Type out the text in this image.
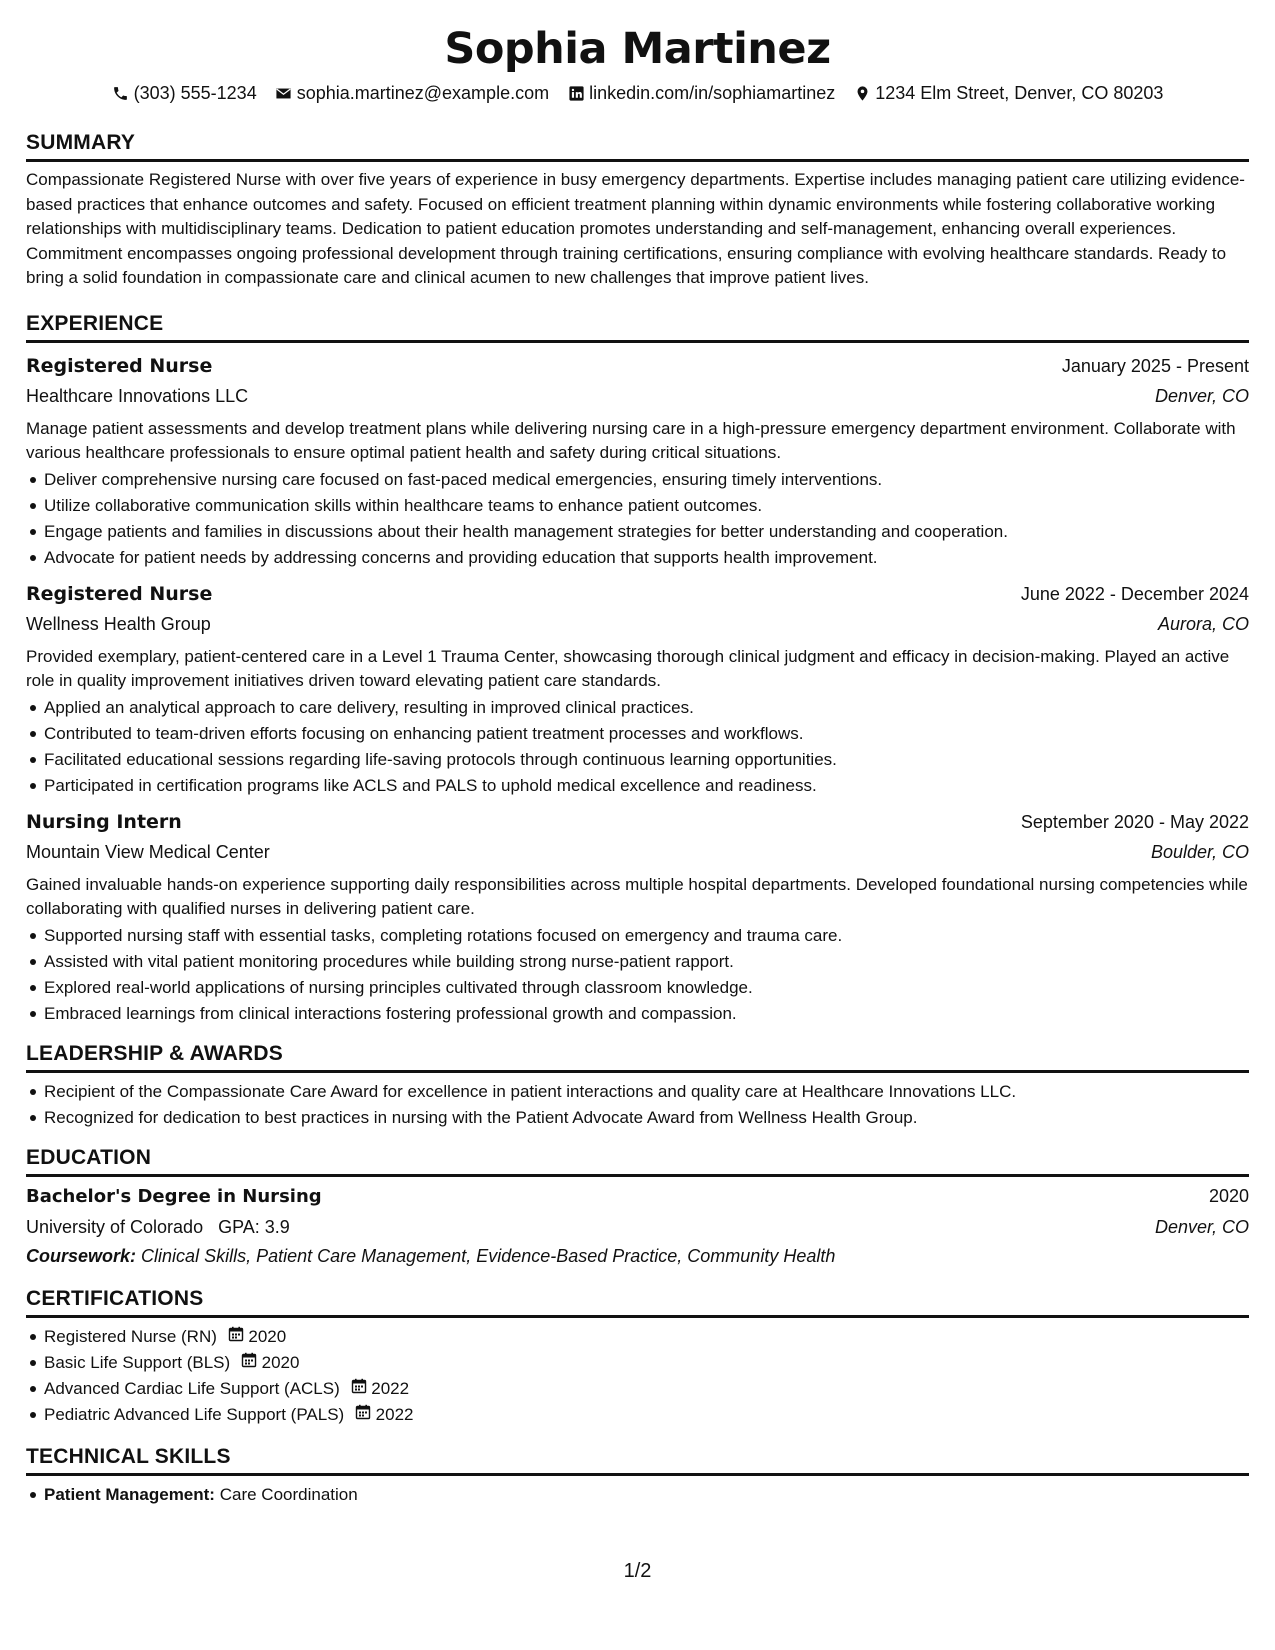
Sophia Martinez
(303) 555-1234 sophia.martinez@example.com linkedin.com/in/sophiamartinez 1234 Elm Street, Denver, CO 80203
SUMMARY

Compassionate Registered Nurse with over five years of experience in busy emergency departments. Expertise includes managing patient care utilizing evidence-based practices that enhance outcomes and safety. Focused on efficient treatment planning within dynamic environments while fostering collaborative working relationships with multidisciplinary teams. Dedication to patient education promotes understanding and self-management, enhancing overall experiences. Commitment encompasses ongoing professional development through training certifications, ensuring compliance with evolving healthcare standards. Ready to bring a solid foundation in compassionate care and clinical acumen to new challenges that improve patient lives.

EXPERIENCE
Registered Nurse	January 2025 - Present
Healthcare Innovations LLC	Denver, CO

Manage patient assessments and develop treatment plans while delivering nursing care in a high-pressure emergency department environment. Collaborate with various healthcare professionals to ensure optimal patient health and safety during critical situations.

Deliver comprehensive nursing care focused on fast-paced medical emergencies, ensuring timely interventions.
Utilize collaborative communication skills within healthcare teams to enhance patient outcomes.
Engage patients and families in discussions about their health management strategies for better understanding and cooperation.
Advocate for patient needs by addressing concerns and providing education that supports health improvement.
Registered Nurse	June 2022 - December 2024
Wellness Health Group	Aurora, CO

Provided exemplary, patient-centered care in a Level 1 Trauma Center, showcasing thorough clinical judgment and efficacy in decision-making. Played an active role in quality improvement initiatives driven toward elevating patient care standards.

Applied an analytical approach to care delivery, resulting in improved clinical practices.
Contributed to team-driven efforts focusing on enhancing patient treatment processes and workflows.
Facilitated educational sessions regarding life-saving protocols through continuous learning opportunities.
Participated in certification programs like ACLS and PALS to uphold medical excellence and readiness.
Nursing Intern	September 2020 - May 2022
Mountain View Medical Center	Boulder, CO

Gained invaluable hands-on experience supporting daily responsibilities across multiple hospital departments. Developed foundational nursing competencies while collaborating with qualified nurses in delivering patient care.

Supported nursing staff with essential tasks, completing rotations focused on emergency and trauma care.
Assisted with vital patient monitoring procedures while building strong nurse-patient rapport.
Explored real-world applications of nursing principles cultivated through classroom knowledge.
Embraced learnings from clinical interactions fostering professional growth and compassion.
LEADERSHIP & AWARDS
Recipient of the Compassionate Care Award for excellence in patient interactions and quality care at Healthcare Innovations LLC.
Recognized for dedication to best practices in nursing with the Patient Advocate Award from Wellness Health Group.
EDUCATION
Bachelor's Degree in Nursing	2020
University of Colorado GPA: 3.9	Denver, CO
Coursework: Clinical Skills, Patient Care Management, Evidence-Based Practice, Community Health
CERTIFICATIONS
Registered Nurse (RN) 2020
Basic Life Support (BLS) 2020
Advanced Cardiac Life Support (ACLS) 2022
Pediatric Advanced Life Support (PALS) 2022
TECHNICAL SKILLS
Patient Management: Care Coordination
1/2
